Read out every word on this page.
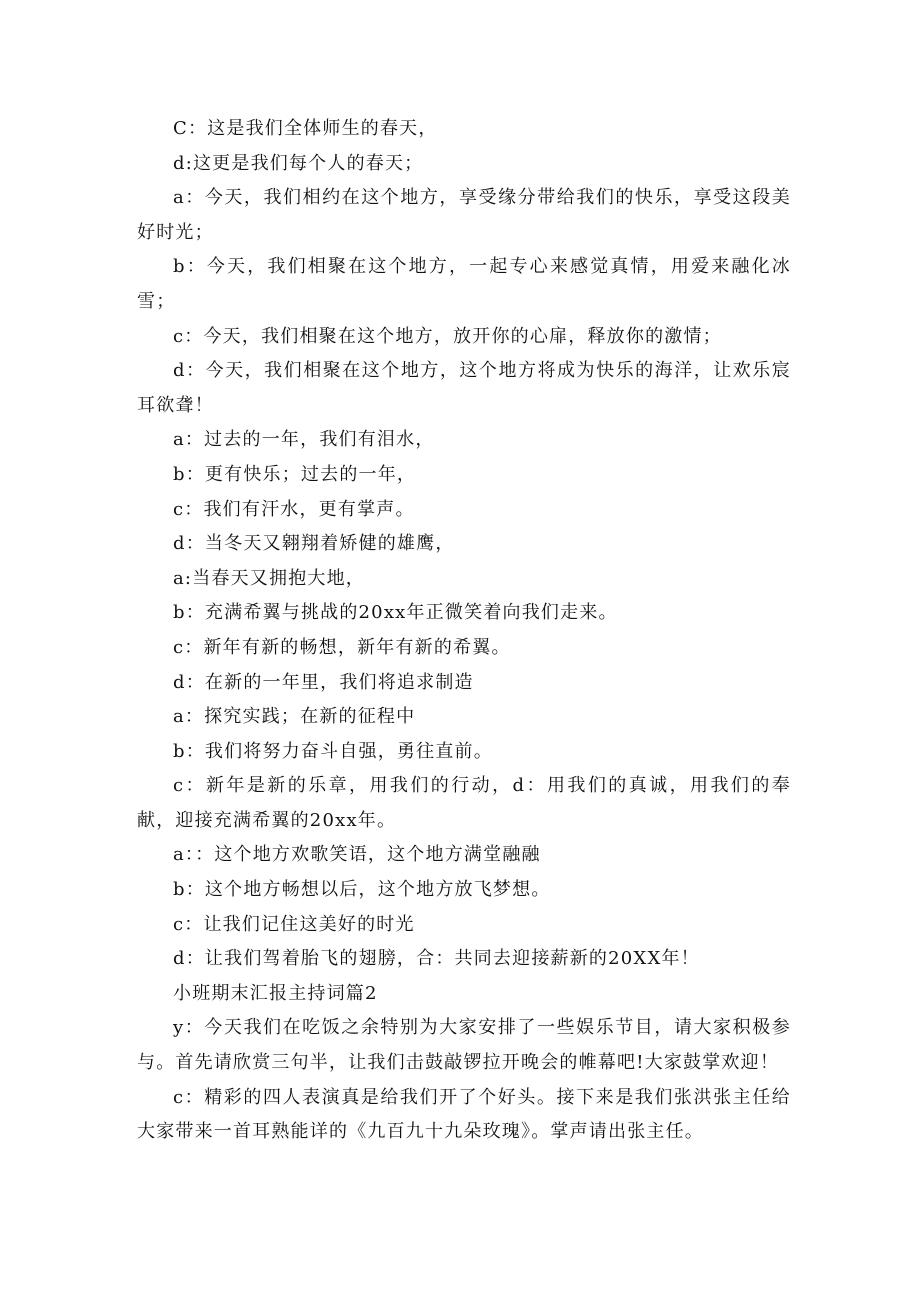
C：这是我们全体师生的春天，

d:这更是我们每个人的春天；

a：今天，我们相约在这个地方，享受缘分带给我们的快乐，享受这段美好时光；

b：今天，我们相聚在这个地方，一起专心来感觉真情，用爱来融化冰雪；

c：今天，我们相聚在这个地方，放开你的心扉，释放你的激情；

d：今天，我们相聚在这个地方，这个地方将成为快乐的海洋，让欢乐宸耳欲聋！

a：过去的一年，我们有泪水，

b：更有快乐；过去的一年，

c：我们有汗水，更有掌声。

d：当冬天又翱翔着矫健的雄鹰，

a:当春天又拥抱大地，

b：充满希翼与挑战的20xx年正微笑着向我们走来。

c：新年有新的畅想，新年有新的希翼。

d：在新的一年里，我们将追求制造

a：探究实践；在新的征程中

b：我们将努力奋斗自强，勇往直前。

c：新年是新的乐章，用我们的行动，d：用我们的真诚，用我们的奉献，迎接充满希翼的20xx年。

a：：这个地方欢歌笑语，这个地方满堂融融

b：这个地方畅想以后，这个地方放飞梦想。

c：让我们记住这美好的时光

d：让我们驾着胎飞的翅膀，合：共同去迎接薪新的20XX年！

小班期末汇报主持词篇2

y：今天我们在吃饭之余特别为大家安排了一些娱乐节目，请大家积极参与。首先请欣赏三句半，让我们击鼓敲锣拉开晚会的帷幕吧!大家鼓掌欢迎！

c：精彩的四人表演真是给我们开了个好头。接下来是我们张洪张主任给大家带来一首耳熟能详的《九百九十九朵玫瑰》。掌声请出张主任。
